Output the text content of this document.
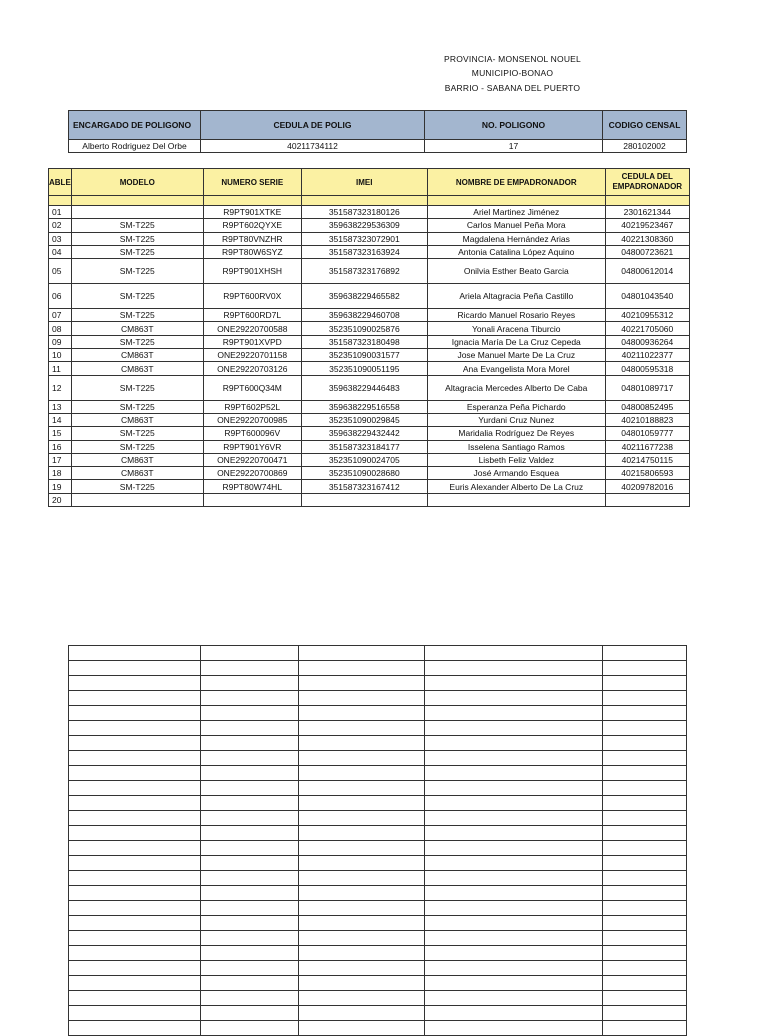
PROVINCIA- MONSENOL NOUEL
MUNICIPIO-BONAO
BARRIO - SABANA DEL PUERTO
ENCARGADO DE POLIGONO	CEDULA DE POLIG	NO. POLIGONO	CODIGO CENSAL
Alberto Rodriguez Del Orbe	40211734112	17	280102002
ABLE	MODELO	NUMERO SERIE	IMEI	NOMBRE DE EMPADRONADOR	CEDULA DEL EMPADRONADOR

01		R9PT901XTKE	351587323180126	Ariel Martinez Jiménez	2301621344
02	SM-T225	R9PT602QYXE	359638229536309	Carlos Manuel Peña Mora	40219523467
03	SM-T225	R9PT80VNZHR	351587323072901	Magdalena Hernández Arias	40221308360
04	SM-T225	R9PT80W6SYZ	351587323163924	Antonia Catalina López Aquino	04800723621
05	SM-T225	R9PT901XHSH	351587323176892	Onilvia Esther Beato Garcia	04800612014
06	SM-T225	R9PT600RV0X	359638229465582	Ariela Altagracia Peña Castillo	04801043540
07	SM-T225	R9PT600RD7L	359638229460708	Ricardo Manuel Rosario Reyes	40210955312
08	CM863T	ONE29220700588	352351090025876	Yonali Aracena Tiburcio	40221705060
09	SM-T225	R9PT901XVPD	351587323180498	Ignacia María De La Cruz Cepeda	04800936264
10	CM863T	ONE29220701158	352351090031577	Jose Manuel Marte De La Cruz	40211022377
11	CM863T	ONE29220703126	352351090051195	Ana Evangelista Mora Morel	04800595318
12	SM-T225	R9PT600Q34M	359638229446483	Altagracia Mercedes Alberto De Caba	04801089717
13	SM-T225	R9PT602P52L	359638229516558	Esperanza Peña Pichardo	04800852495
14	CM863T	ONE29220700985	352351090029845	Yurdani Cruz Nunez	40210188823
15	SM-T225	R9PT600096V	359638229432442	Maridalia Rodríguez De Reyes	04801059777
16	SM-T225	R9PT901Y6VR	351587323184177	Isselena Santiago Ramos	40211677238
17	CM863T	ONE29220700471	352351090024705	Lisbeth Feliz Valdez	40214750115
18	CM863T	ONE29220700869	352351090028680	José Armando Esquea	40215806593
19	SM-T225	R9PT80W74HL	351587323167412	Euris Alexander Alberto De La Cruz	40209782016
20					
